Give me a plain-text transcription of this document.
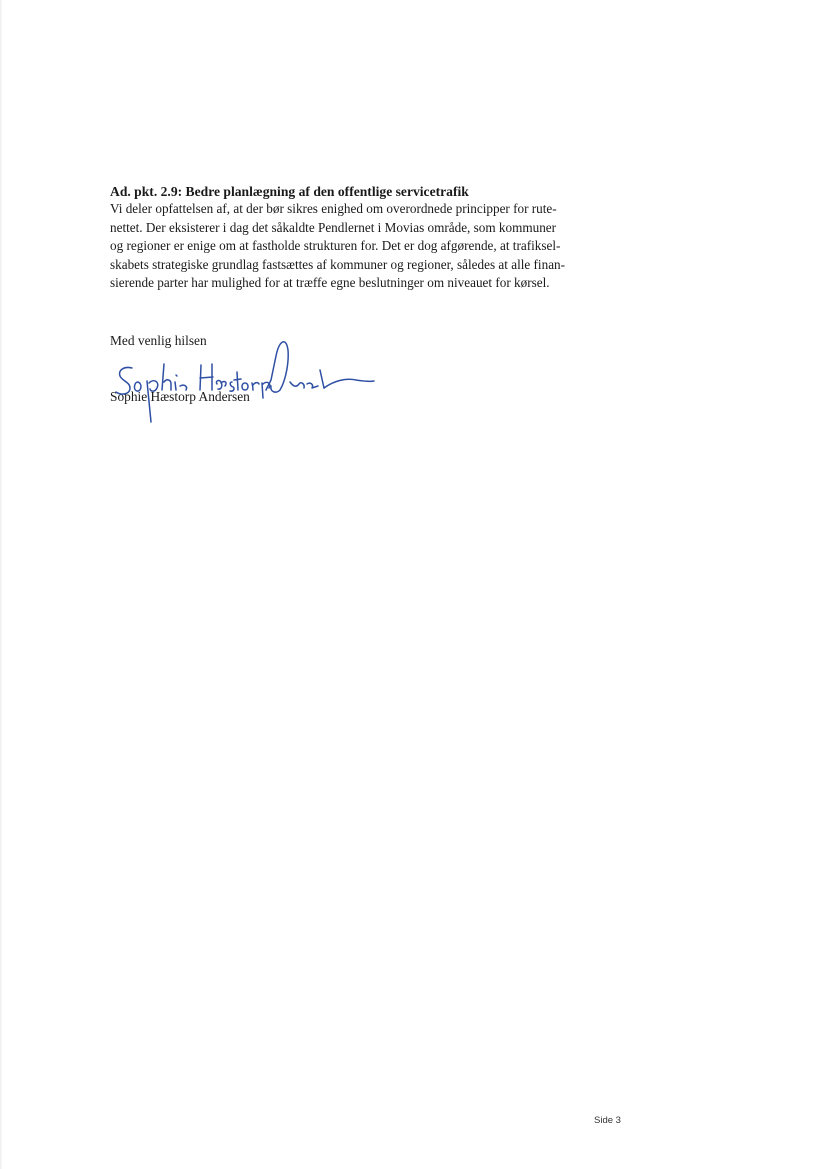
Ad. pkt. 2.9: Bedre planlægning af den offentlige servicetrafik

Vi deler opfattelsen af, at der bør sikres enighed om overordnede principper for rute-
nettet. Der eksisterer i dag det såkaldte Pendlernet i Movias område, som kommuner
og regioner er enige om at fastholde strukturen for. Det er dog afgørende, at trafiksel-
skabets strategiske grundlag fastsættes af kommuner og regioner, således at alle finan-
sierende parter har mulighed for at træffe egne beslutninger om niveauet for kørsel.

Med venlig hilsen
Sophie Hæstorp Andersen
Side 3
